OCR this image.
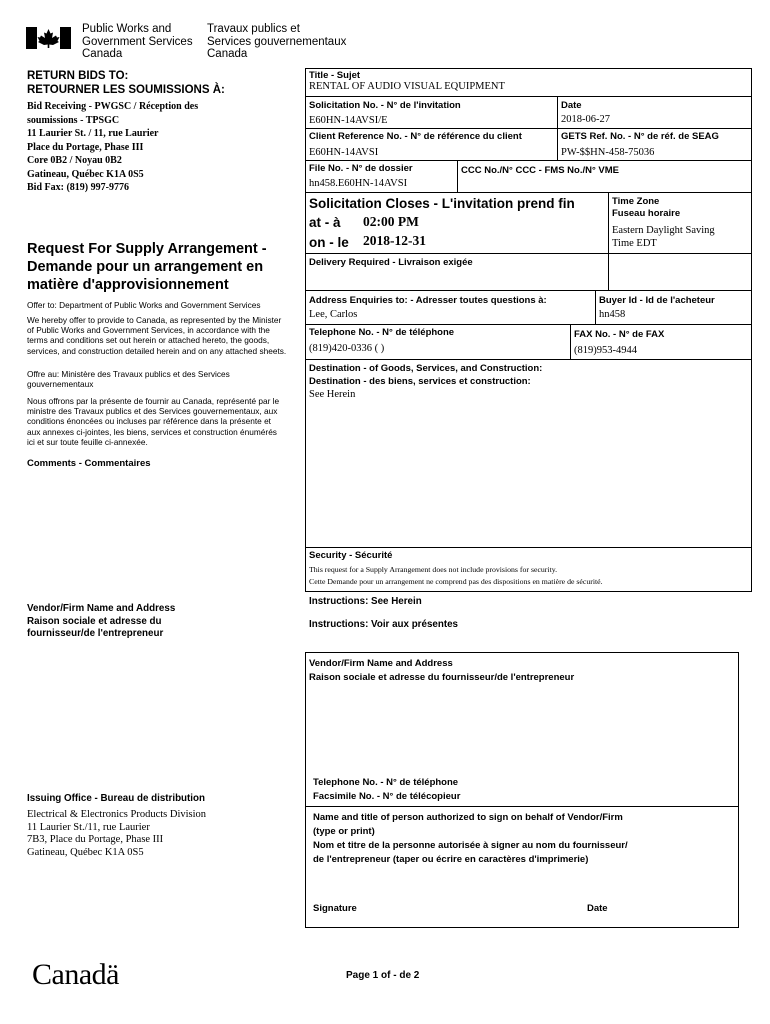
Public Works and
Government Services
Canada
Travaux publics et
Services gouvernementaux
Canada
RETURN BIDS TO:
RETOURNER LES SOUMISSIONS À:
Bid Receiving - PWGSC / Réception des
soumissions - TPSGC
11 Laurier St. / 11, rue Laurier
Place du Portage, Phase III
Core 0B2 / Noyau 0B2
Gatineau, Québec K1A 0S5
Bid Fax: (819) 997-9776
Request For Supply Arrangement -
Demande pour un arrangement en
matière d'approvisionnement
Offer to: Department of Public Works and Government Services
We hereby offer to provide to Canada, as represented by the Minister
of Public Works and Government Services, in accordance with the
terms and conditions set out herein or attached hereto, the goods,
services, and construction detailed herein and on any attached sheets.
Offre au: Ministère des Travaux publics et des Services
gouvernementaux
Nous offrons par la présente de fournir au Canada, représenté par le
ministre des Travaux publics et des Services gouvernementaux, aux
conditions énoncées ou incluses par référence dans la présente et
aux annexes ci-jointes, les biens, services et construction énumérés
ici et sur toute feuille ci-annexée.
Comments - Commentaires
Vendor/Firm Name and Address
Raison sociale et adresse du
fournisseur/de l'entrepreneur
Issuing Office - Bureau de distribution
Electrical & Electronics Products Division
11 Laurier St./11, rue Laurier
7B3, Place du Portage, Phase III
Gatineau, Québec K1A 0S5
Title - Sujet
RENTAL OF AUDIO VISUAL EQUIPMENT
Solicitation No. - N° de l'invitation
E60HN-14AVSI/E
Date
2018-06-27
Client Reference No. - N° de référence du client
E60HN-14AVSI
GETS Ref. No. - N° de réf. de SEAG
PW-$$HN-458-75036
File No. - N° de dossier
hn458.E60HN-14AVSI
CCC No./N° CCC - FMS No./N° VME
Solicitation Closes - L'invitation prend fin
at - à 02:00 PM
on - le 2018-12-31
Time Zone
Fuseau horaire
Eastern Daylight Saving
Time EDT
Delivery Required - Livraison exigée
Address Enquiries to: - Adresser toutes questions à:
Lee, Carlos
Buyer Id - Id de l'acheteur
hn458
Telephone No. - N° de téléphone
(819)420-0336 ( )
FAX No. - N° de FAX
(819)953-4944
Destination - of Goods, Services, and Construction:
Destination - des biens, services et construction:
See Herein
Security - Sécurité
This request for a Supply Arrangement does not include provisions for security.
Cette Demande pour un arrangement ne comprend pas des dispositions en matière de sécurité.
Instructions: See Herein
Instructions: Voir aux présentes
Vendor/Firm Name and Address
Raison sociale et adresse du fournisseur/de l'entrepreneur
Telephone No. - N° de téléphone
Facsimile No. - N° de télécopieur
Name and title of person authorized to sign on behalf of Vendor/Firm
(type or print)
Nom et titre de la personne autorisée à signer au nom du fournisseur/
de l'entrepreneur (taper ou écrire en caractères d'imprimerie)
Signature	Date
Canadä	Page 1 of - de 2
